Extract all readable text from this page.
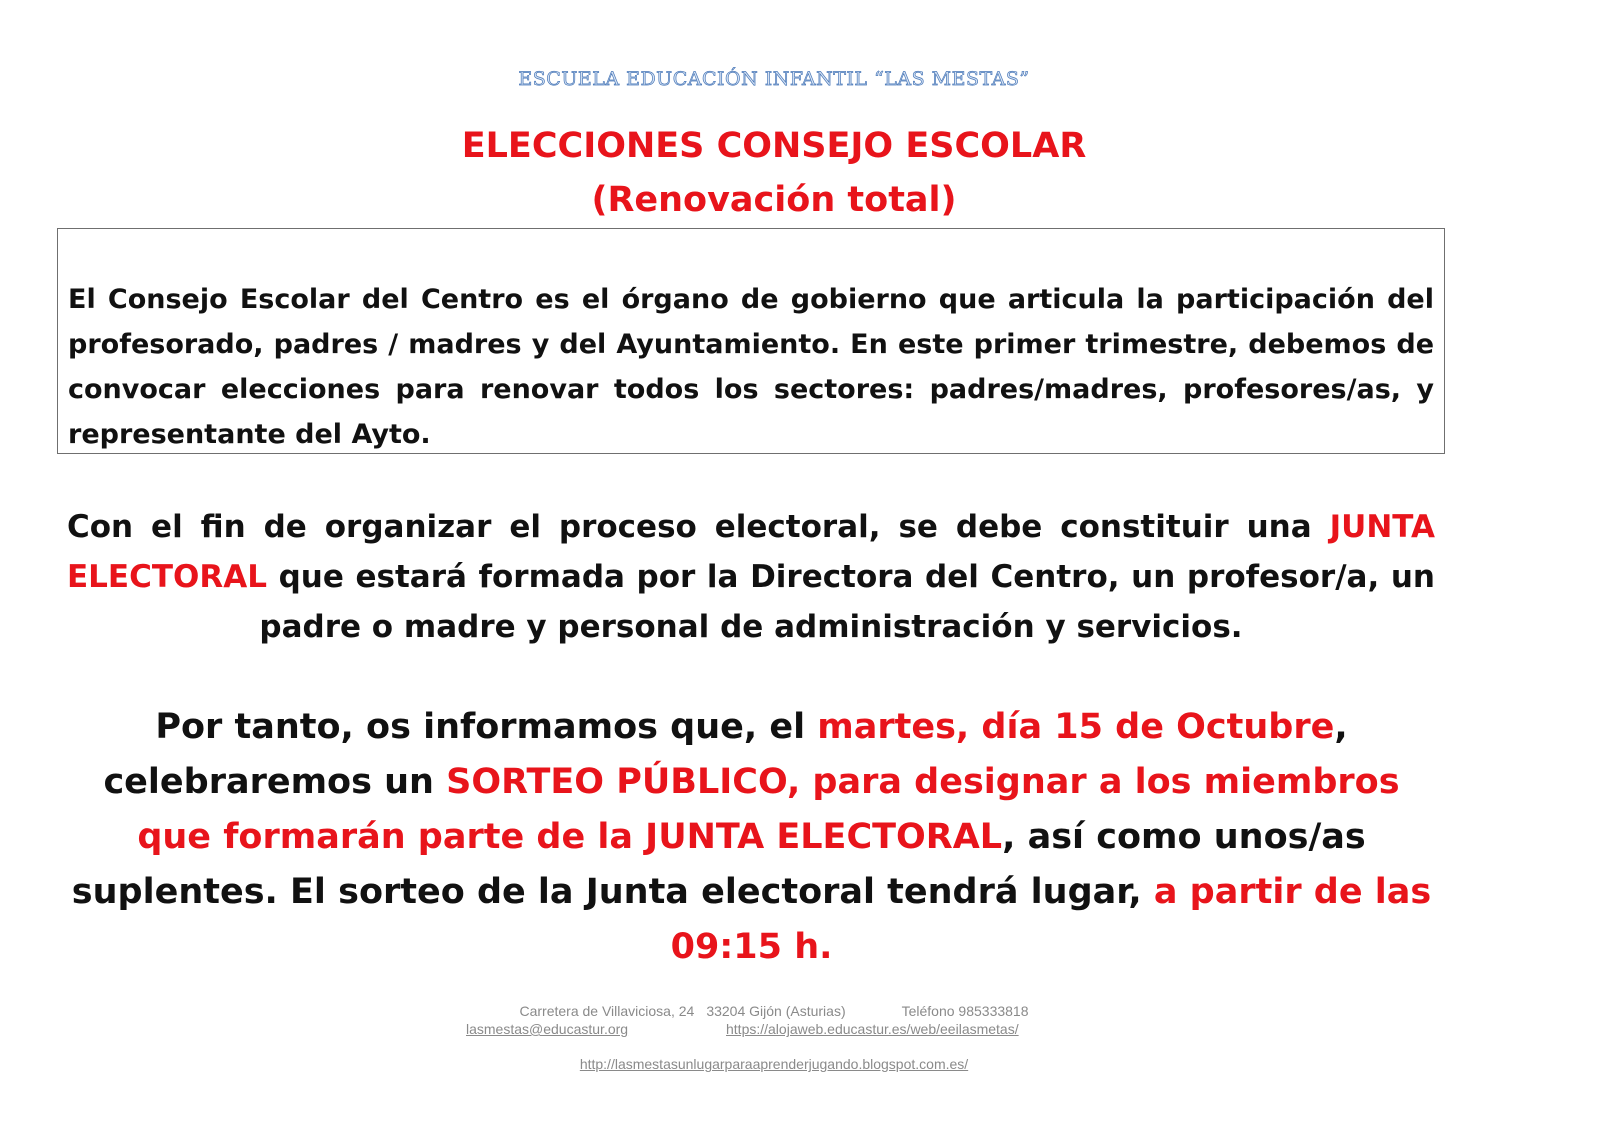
ESCUELA EDUCACIÓN INFANTIL “LAS MESTAS”
ELECCIONES CONSEJO ESCOLAR
(Renovación total)
El Consejo Escolar del Centro es el órgano de gobierno que articula la participación del profesorado, padres / madres y del Ayuntamiento. En este primer trimestre, debemos de convocar elecciones para renovar todos los sectores: padres/madres, profesores/as, y representante del Ayto.
Con el fin de organizar el proceso electoral, se debe constituir una JUNTA ELECTORAL que estará formada por la Directora del Centro, un profesor/a, un padre o madre y personal de administración y servicios.
Por tanto, os informamos que, el martes, día 15 de Octubre, celebraremos un SORTEO PÚBLICO, para designar a los miembros que formarán parte de la JUNTA ELECTORAL, así como unos/as suplentes. El sorteo de la Junta electoral tendrá lugar, a partir de las 09:15 h.
Carretera de Villaviciosa, 24 33204 Gijón (Asturias)	Teléfono 985333818
lasmestas@educastur.org	https://alojaweb.educastur.es/web/eeilasmetas/
http://lasmestasunlugarparaaprenderjugando.blogspot.com.es/
